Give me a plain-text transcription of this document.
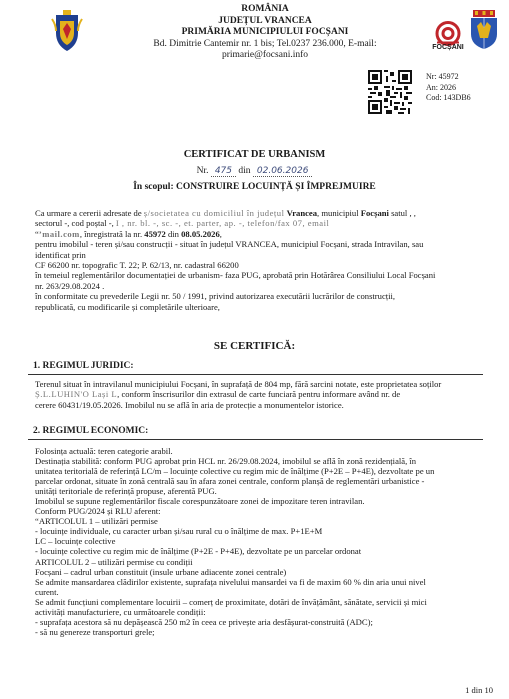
ROMÂNIA
JUDEȚUL VRANCEA
PRIMĂRIA MUNICIPIULUI FOCȘANI
Bd. Dimitrie Cantemir nr. 1 bis; Tel.0237 236.000, E-mail:
primarie@focsani.info
FOCȘANI
Nr: 45972
An: 2026
Cod: 143DB6
CERTIFICAT DE URBANISM
Nr. 475 din 02.06.2026
În scopul: CONSTRUIRE LOCUINȚĂ ȘI ÎMPREJMUIRE
Ca urmare a cererii adresate de ș/societatea cu domiciliul în județul Vrancea, municipiul Focșani satul , ,
sectorul -, cod poștal -, I , nr. bl. -, sc. -, et. parter, ap. -, telefon/fax 07, email
“’mail.com, înregistrată la nr. 45972 din 08.05.2026,
pentru imobilul - teren și/sau construcții - situat în județul VRANCEA, municipiul Focșani, strada Intravilan, sau
identificat prin
CF 66200 nr. topografic T. 22; P. 62/13, nr. cadastral 66200
în temeiul reglementărilor documentației de urbanism- faza PUG, aprobată prin Hotărârea Consiliului Local Focșani
nr. 263/29.08.2024 .
în conformitate cu prevederile Legii nr. 50 / 1991, privind autorizarea executării lucrărilor de construcții,
republicată, cu modificarile și completările ulterioare,
SE CERTIFICĂ:
1. REGIMUL JURIDIC:
Terenul situat în intravilanul municipiului Focșani, în suprafață de 804 mp, fără sarcini notate, este proprietatea soților
Ș.L.LUHIN'O Lași L, conform înscrisurilor din extrasul de carte funciară pentru informare având nr. de
cerere 60431/19.05.2026. Imobilul nu se află în aria de protecție a monumentelor istorice.
2. REGIMUL ECONOMIC:
Folosința actuală: teren categorie arabil.
Destinația stabilită: conform PUG aprobat prin HCL nr. 26/29.08.2024, imobilul se află în zonă rezidențială, în
unitatea teritorială de referință LC/m – locuințe colective cu regim mic de înălțime (P+2E – P+4E), dezvoltate pe un
parcelar ordonat, situate în zonă centrală sau în afara zonei centrale, conform planșă de reglementări urbanistice -
unități teritoriale de referință propuse, aferentă PUG.
Imobilul se supune reglementărilor fiscale corespunzătoare zonei de impozitare teren intravilan.
Conform PUG/2024 și RLU aferent:
“ARTICOLUL 1 – utilizări permise
- locuințe individuale, cu caracter urban și/sau rural cu o înălțime de max. P+1E+M
LC – locuințe colective
- locuințe colective cu regim mic de înălțime (P+2E - P+4E), dezvoltate pe un parcelar ordonat
ARTICOLUL 2 – utilizări permise cu condiții
Focșani – cadrul urban constituit (insule urbane adiacente zonei centrale)
Se admite mansardarea clădirilor existente, suprafața nivelului mansardei va fi de maxim 60 % din aria unui nivel
curent.
Se admit funcțiuni complementare locuirii – comerț de proximitate, dotări de învățământ, sănătate, servicii și mici
activități manufacturiere, cu următoarele condiții:
- suprafața acestora să nu depășească 250 m2 în ceea ce privește aria desfășurat-construită (ADC);
- să nu genereze transporturi grele;
1 din 10
